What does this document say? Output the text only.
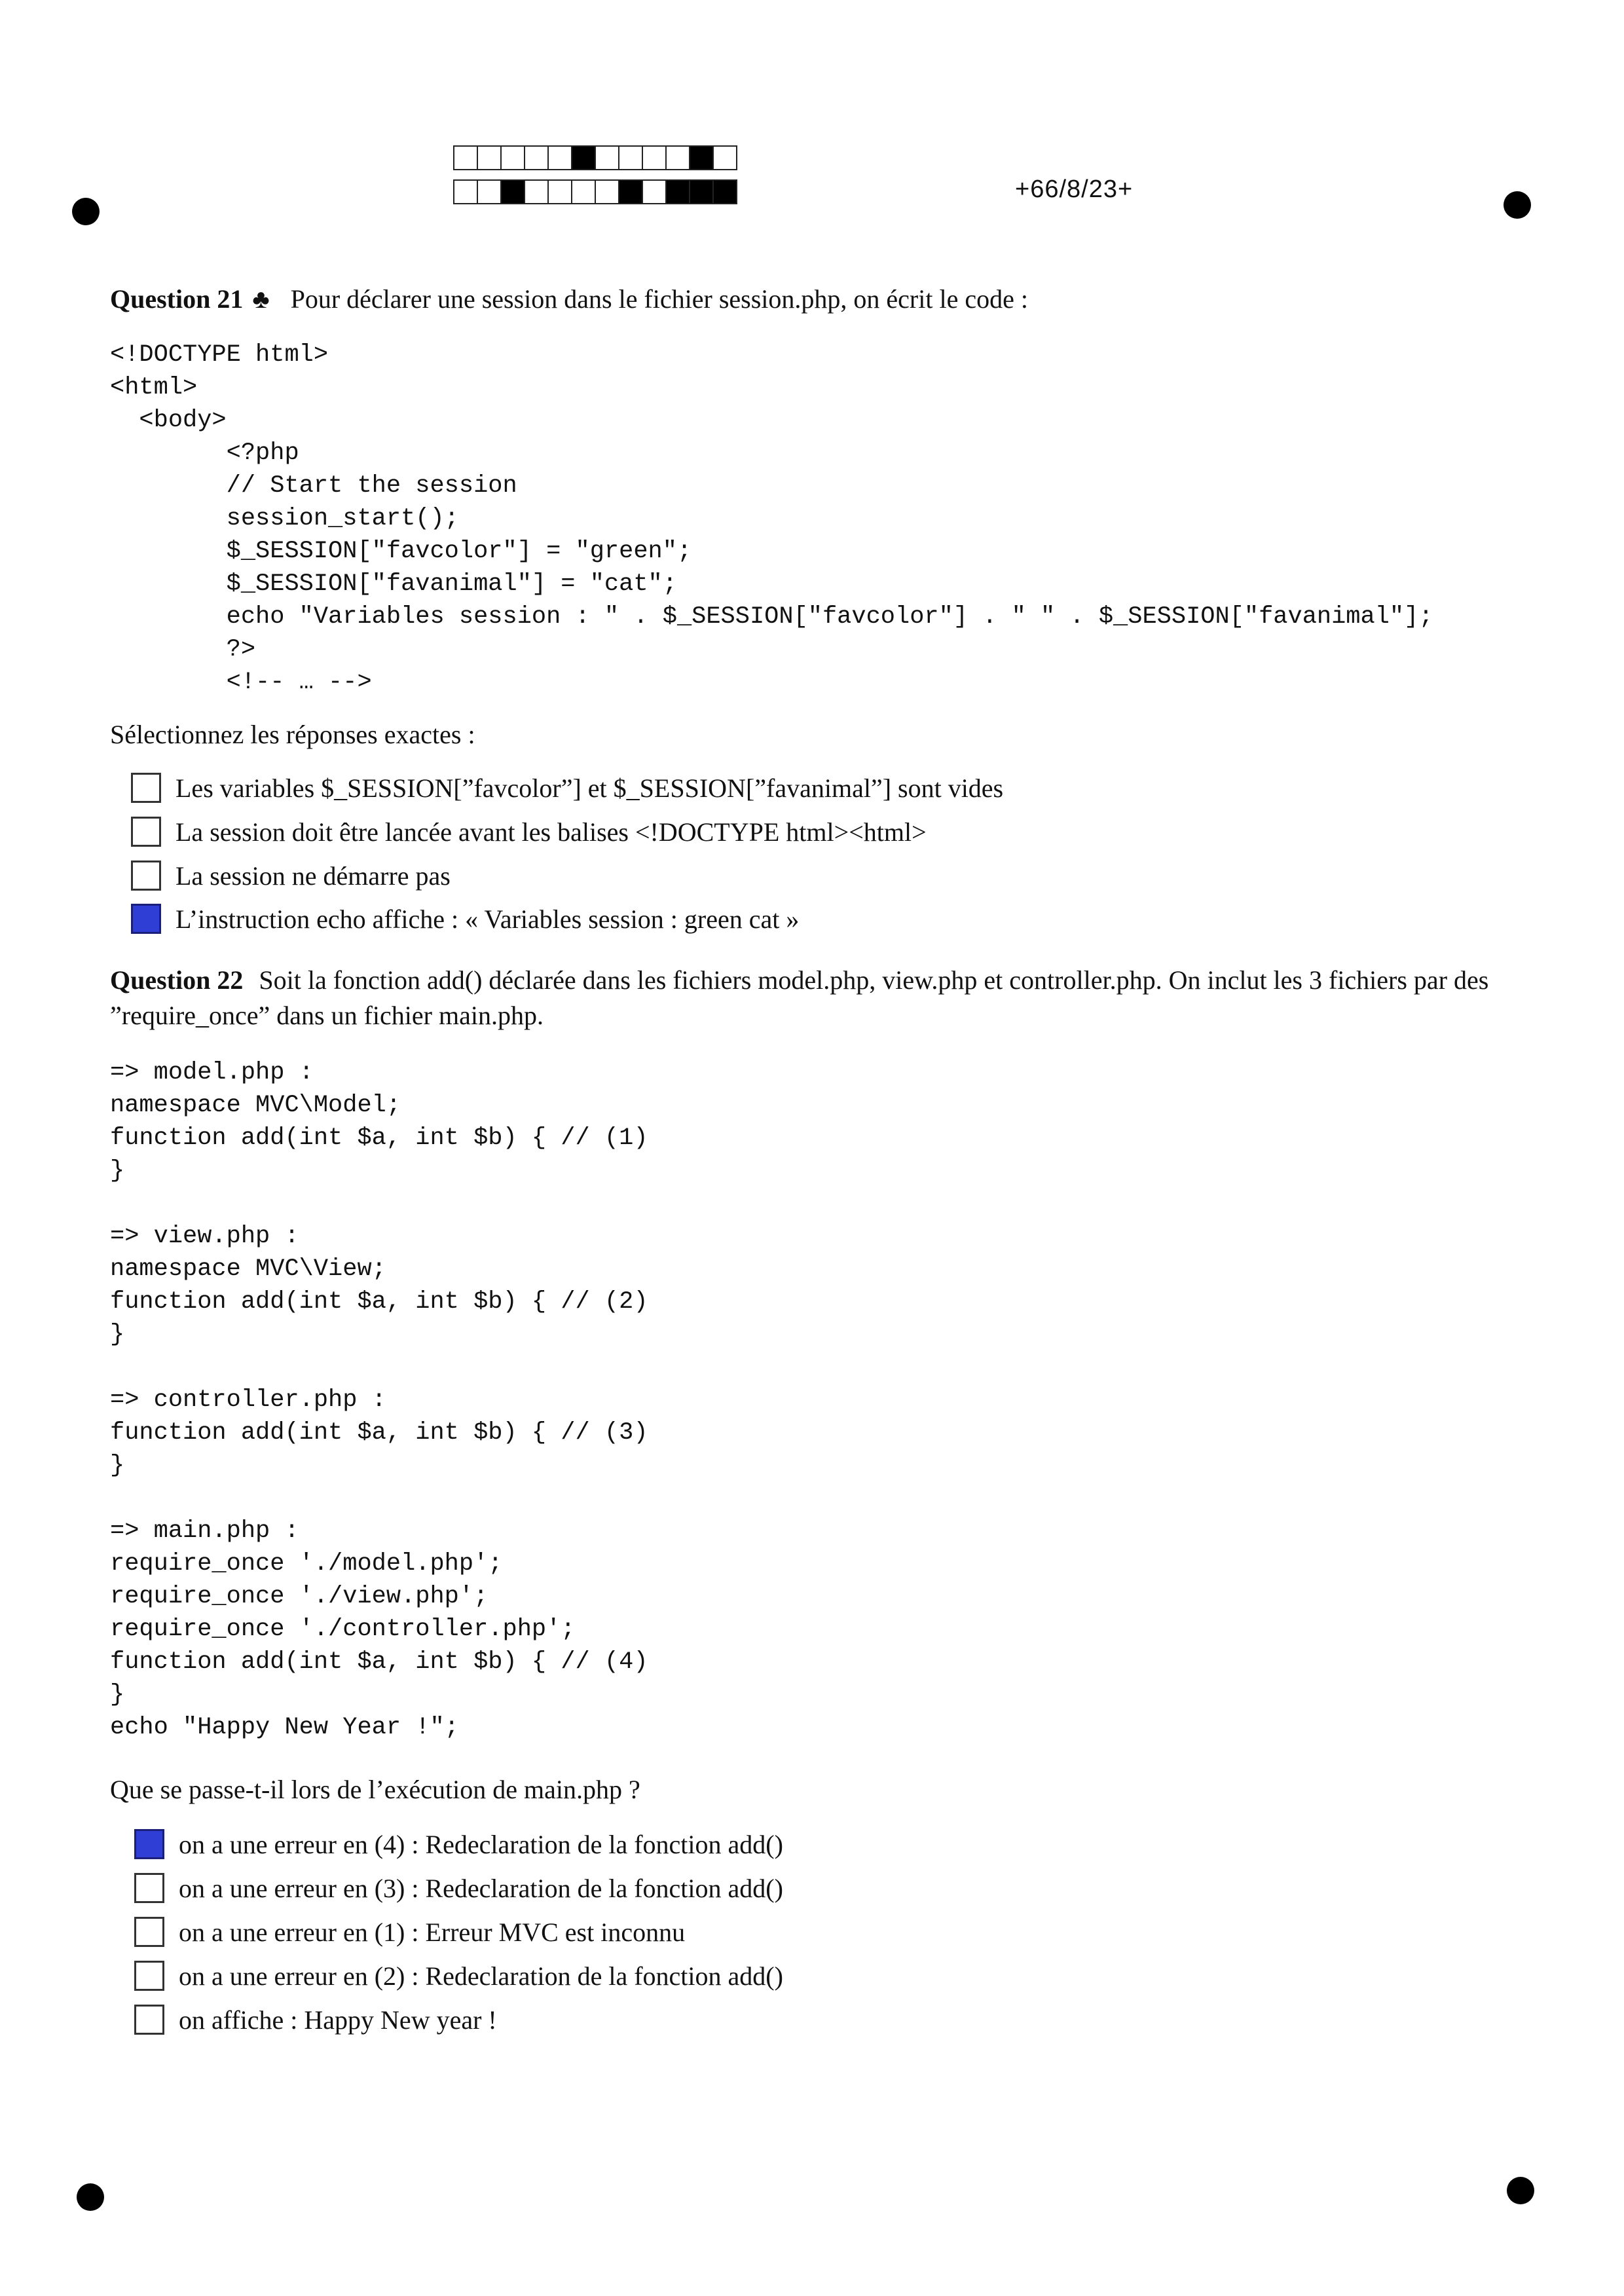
+66/8/23+
Question 21 ♣ Pour déclarer une session dans le fichier session.php, on écrit le code :
<!DOCTYPE html>
<html>
<body>
<?php
// Start the session
session_start();
$_SESSION["favcolor"] = "green";
$_SESSION["favanimal"] = "cat";
echo "Variables session : " . $_SESSION["favcolor"] . " " . $_SESSION["favanimal"];
?>
<!-- … -->
Sélectionnez les réponses exactes :
Les variables $_SESSION[”favcolor”] et $_SESSION[”favanimal”] sont vides
La session doit être lancée avant les balises <!DOCTYPE html><html>
La session ne démarre pas
L’instruction echo affiche : « Variables session : green cat »
Question 22 Soit la fonction add() déclarée dans les fichiers model.php, view.php et controller.php. On inclut les 3 fichiers par des ”require_once” dans un fichier main.php.
=> model.php :
namespace MVC\Model;
function add(int $a, int $b) { // (1)
}

=> view.php :
namespace MVC\View;
function add(int $a, int $b) { // (2)
}

=> controller.php :
function add(int $a, int $b) { // (3)
}

=> main.php :
require_once './model.php';
require_once './view.php';
require_once './controller.php';
function add(int $a, int $b) { // (4)
}
echo "Happy New Year !";
Que se passe-t-il lors de l’exécution de main.php ?
on a une erreur en (4) : Redeclaration de la fonction add()
on a une erreur en (3) : Redeclaration de la fonction add()
on a une erreur en (1) : Erreur MVC est inconnu
on a une erreur en (2) : Redeclaration de la fonction add()
on affiche : Happy New year !
